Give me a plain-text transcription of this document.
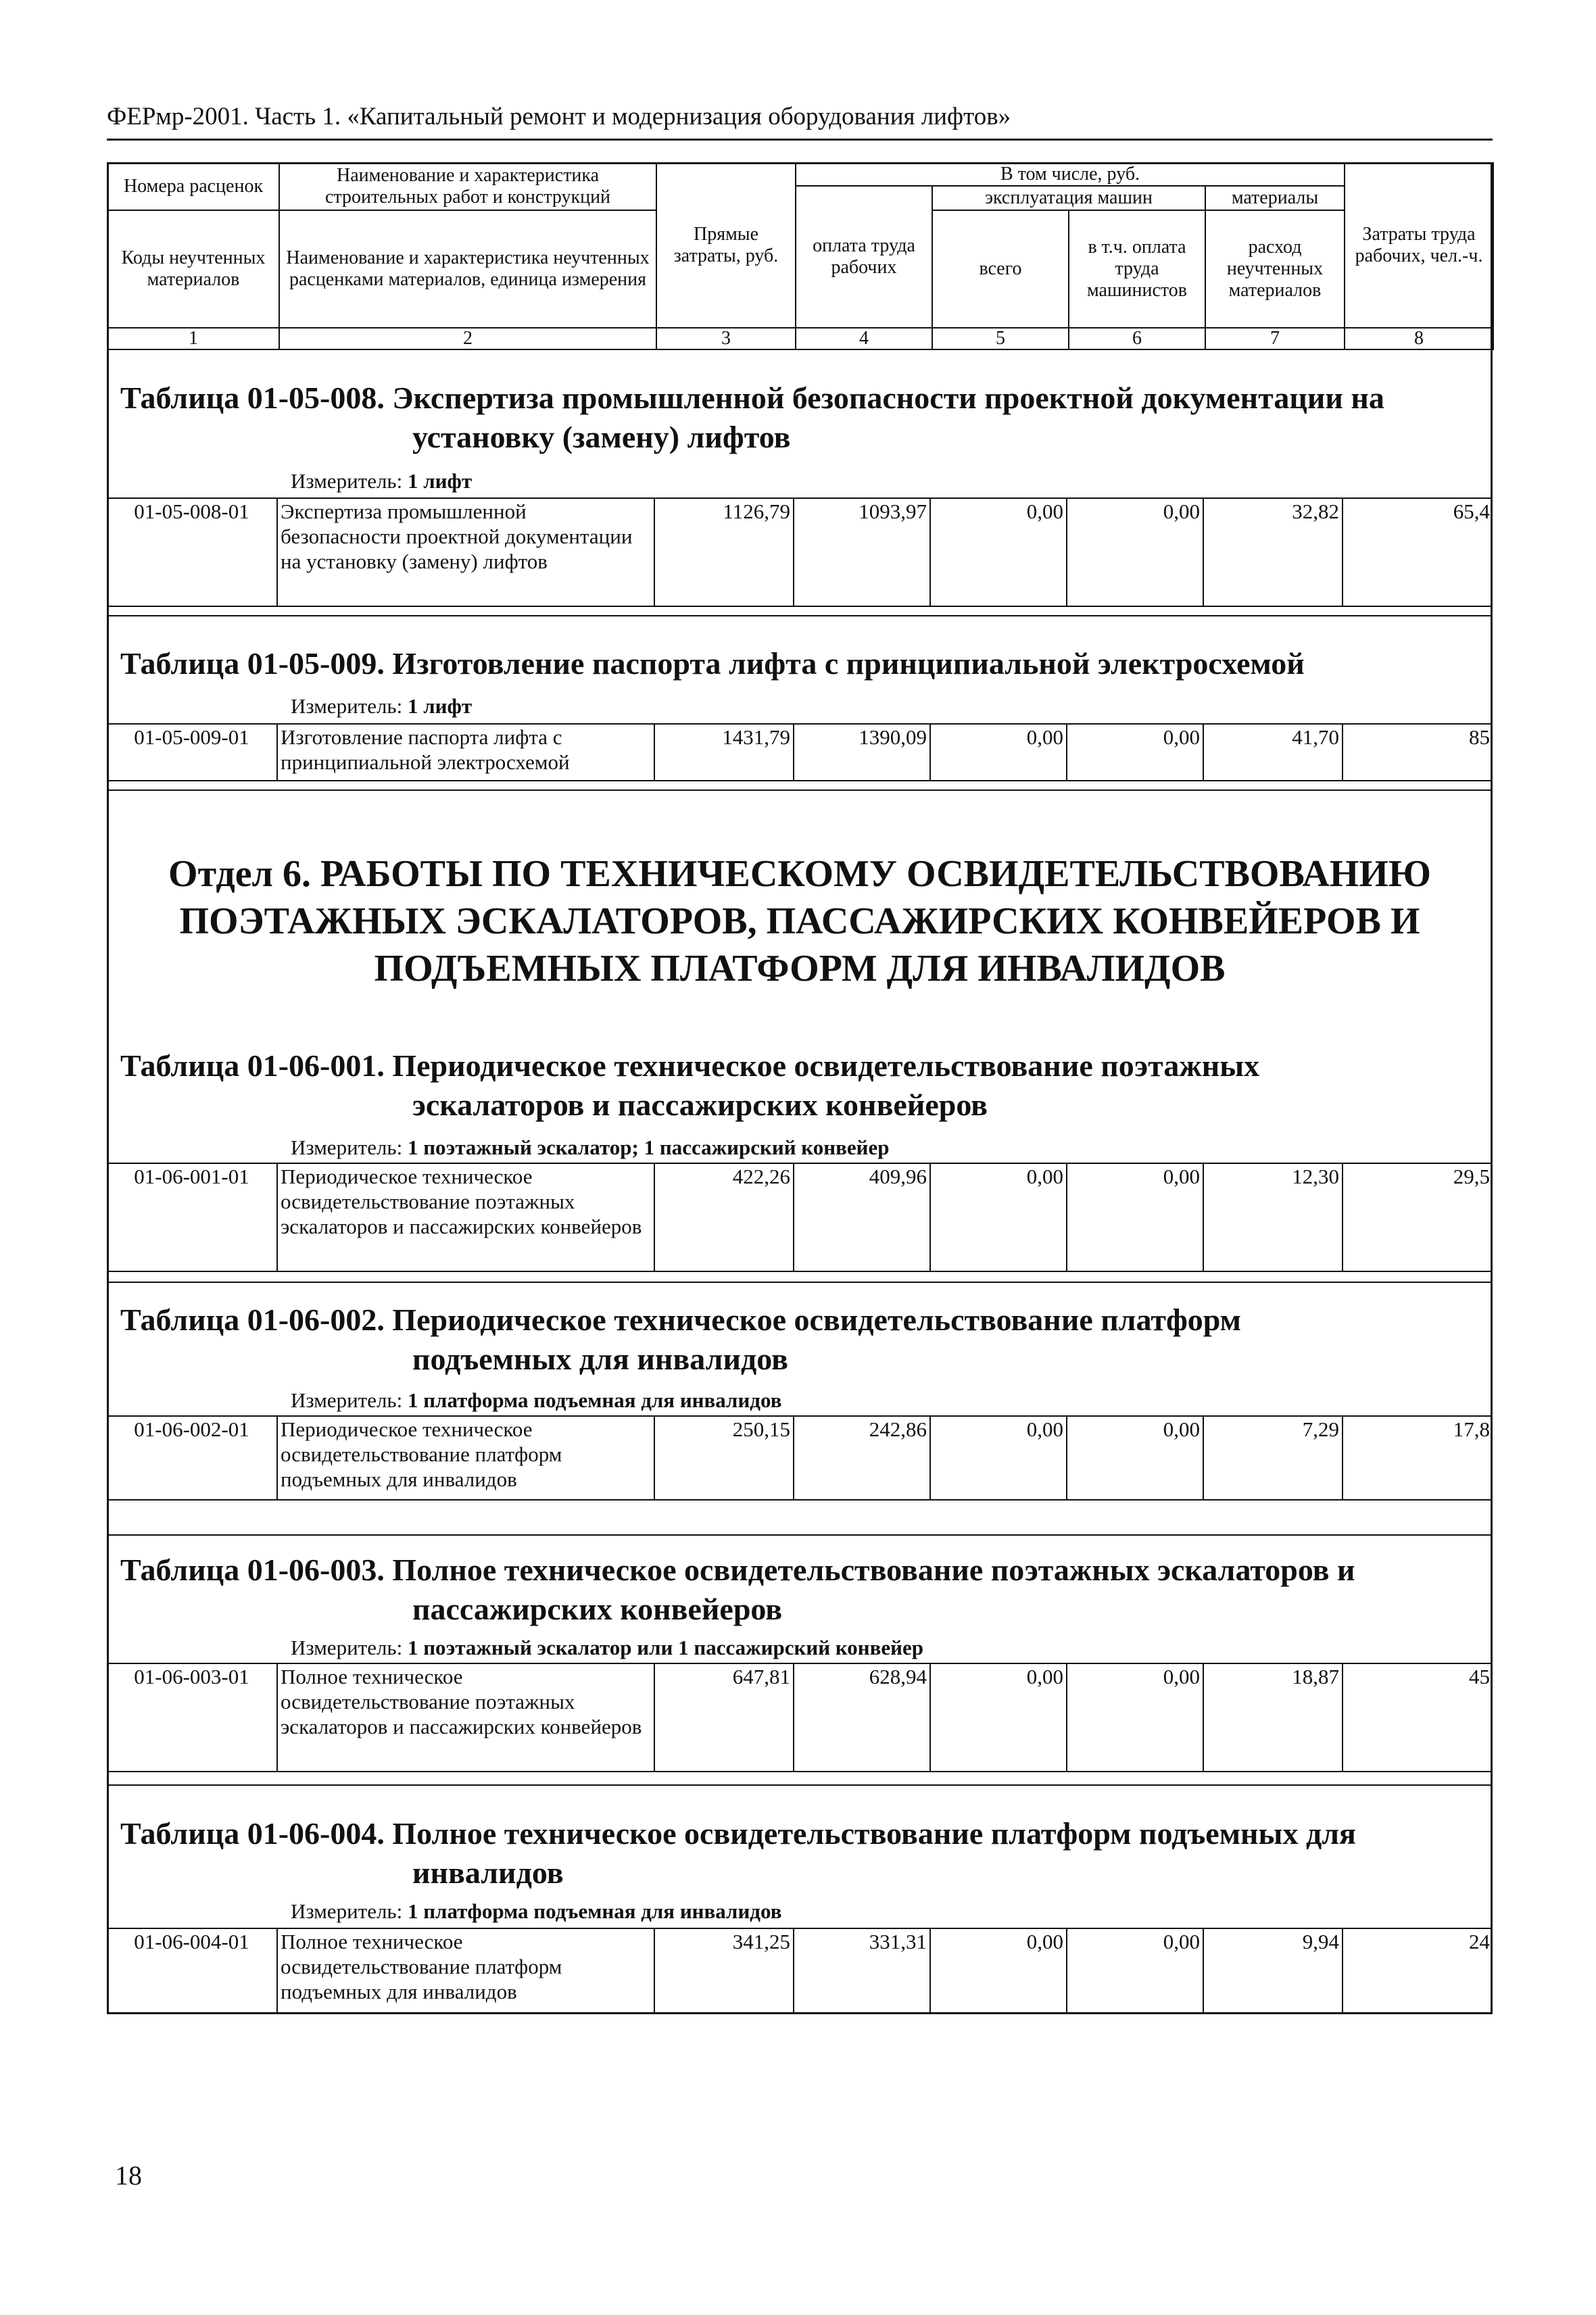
ФЕРмр-2001. Часть 1. «Капитальный ремонт и модернизация оборудования лифтов»
Номера расценок	Наименование и характеристика строительных работ и конструкций	Прямые затраты, руб.	В том числе, руб.				Затраты труда рабочих, чел.-ч.
			оплата труда рабочих	эксплуатация машин		материалы	
Коды неучтенных материалов	Наименование и характеристика неучтенных расценками материалов, единица измерения			всего	в т.ч. оплата труда машинистов	расход неучтенных материалов	
1	2	3	4	5	6	7	8
Таблица 01-05-008. Экспертиза промышленной безопасности проектной документации на
установку (замену) лифтов
Измеритель: 1 лифт
01-05-008-01	Экспертиза промышленной безопасности проектной документации на установку (замену) лифтов	1126,79	1093,97	0,00	0,00	32,82	65,4
Таблица 01-05-009. Изготовление паспорта лифта с принципиальной электросхемой
Измеритель: 1 лифт
01-05-009-01	Изготовление паспорта лифта с принципиальной электросхемой	1431,79	1390,09	0,00	0,00	41,70	85
Отдел 6. РАБОТЫ ПО ТЕХНИЧЕСКОМУ ОСВИДЕТЕЛЬСТВОВАНИЮ
ПОЭТАЖНЫХ ЭСКАЛАТОРОВ, ПАССАЖИРСКИХ КОНВЕЙЕРОВ И
ПОДЪЕМНЫХ ПЛАТФОРМ ДЛЯ ИНВАЛИДОВ
Таблица 01-06-001. Периодическое техническое освидетельствование поэтажных
эскалаторов и пассажирских конвейеров
Измеритель: 1 поэтажный эскалатор; 1 пассажирский конвейер
01-06-001-01	Периодическое техническое освидетельствование поэтажных эскалаторов и пассажирских конвейеров	422,26	409,96	0,00	0,00	12,30	29,5
Таблица 01-06-002. Периодическое техническое освидетельствование платформ
подъемных для инвалидов
Измеритель: 1 платформа подъемная для инвалидов
01-06-002-01	Периодическое техническое освидетельствование платформ подъемных для инвалидов	250,15	242,86	0,00	0,00	7,29	17,8
Таблица 01-06-003. Полное техническое освидетельствование поэтажных эскалаторов и
пассажирских конвейеров
Измеритель: 1 поэтажный эскалатор или 1 пассажирский конвейер
01-06-003-01	Полное техническое освидетельствование поэтажных эскалаторов и пассажирских конвейеров	647,81	628,94	0,00	0,00	18,87	45
Таблица 01-06-004. Полное техническое освидетельствование платформ подъемных для
инвалидов
Измеритель: 1 платформа подъемная для инвалидов
01-06-004-01	Полное техническое освидетельствование платформ подъемных для инвалидов	341,25	331,31	0,00	0,00	9,94	24
18
